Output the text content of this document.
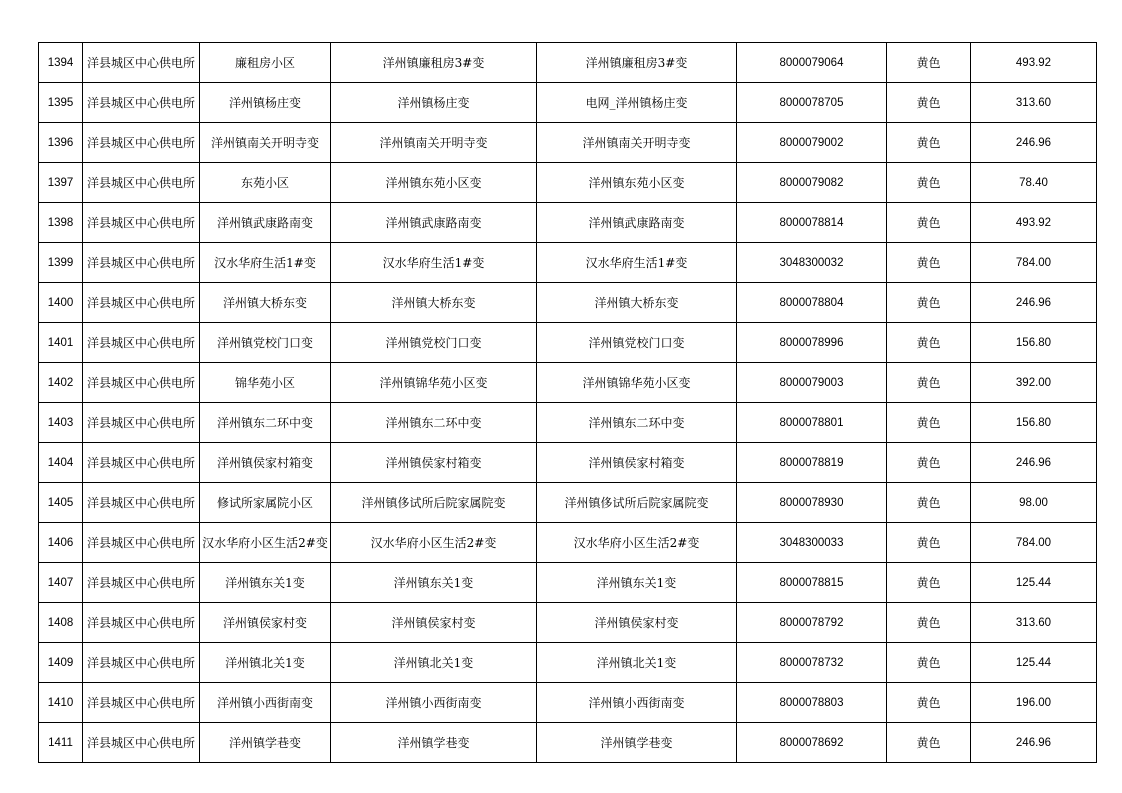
1394	洋县城区中心供电所	廉租房小区	洋州镇廉租房3#变	洋州镇廉租房3#变	8000079064	黄色	493.92
1395	洋县城区中心供电所	洋州镇杨庄变	洋州镇杨庄变	电网_洋州镇杨庄变	8000078705	黄色	313.60
1396	洋县城区中心供电所	洋州镇南关开明寺变	洋州镇南关开明寺变	洋州镇南关开明寺变	8000079002	黄色	246.96
1397	洋县城区中心供电所	东苑小区	洋州镇东苑小区变	洋州镇东苑小区变	8000079082	黄色	78.40
1398	洋县城区中心供电所	洋州镇武康路南变	洋州镇武康路南变	洋州镇武康路南变	8000078814	黄色	493.92
1399	洋县城区中心供电所	汉水华府生活1#变	汉水华府生活1#变	汉水华府生活1#变	3048300032	黄色	784.00
1400	洋县城区中心供电所	洋州镇大桥东变	洋州镇大桥东变	洋州镇大桥东变	8000078804	黄色	246.96
1401	洋县城区中心供电所	洋州镇党校门口变	洋州镇党校门口变	洋州镇党校门口变	8000078996	黄色	156.80
1402	洋县城区中心供电所	锦华苑小区	洋州镇锦华苑小区变	洋州镇锦华苑小区变	8000079003	黄色	392.00
1403	洋县城区中心供电所	洋州镇东二环中变	洋州镇东二环中变	洋州镇东二环中变	8000078801	黄色	156.80
1404	洋县城区中心供电所	洋州镇侯家村箱变	洋州镇侯家村箱变	洋州镇侯家村箱变	8000078819	黄色	246.96
1405	洋县城区中心供电所	修试所家属院小区	洋州镇侈试所后院家属院变	洋州镇侈试所后院家属院变	8000078930	黄色	98.00
1406	洋县城区中心供电所	汉水华府小区生活2#变	汉水华府小区生活2#变	汉水华府小区生活2#变	3048300033	黄色	784.00
1407	洋县城区中心供电所	洋州镇东关1变	洋州镇东关1变	洋州镇东关1变	8000078815	黄色	125.44
1408	洋县城区中心供电所	洋州镇侯家村变	洋州镇侯家村变	洋州镇侯家村变	8000078792	黄色	313.60
1409	洋县城区中心供电所	洋州镇北关1变	洋州镇北关1变	洋州镇北关1变	8000078732	黄色	125.44
1410	洋县城区中心供电所	洋州镇小西街南变	洋州镇小西街南变	洋州镇小西街南变	8000078803	黄色	196.00
1411	洋县城区中心供电所	洋州镇学巷变	洋州镇学巷变	洋州镇学巷变	8000078692	黄色	246.96
